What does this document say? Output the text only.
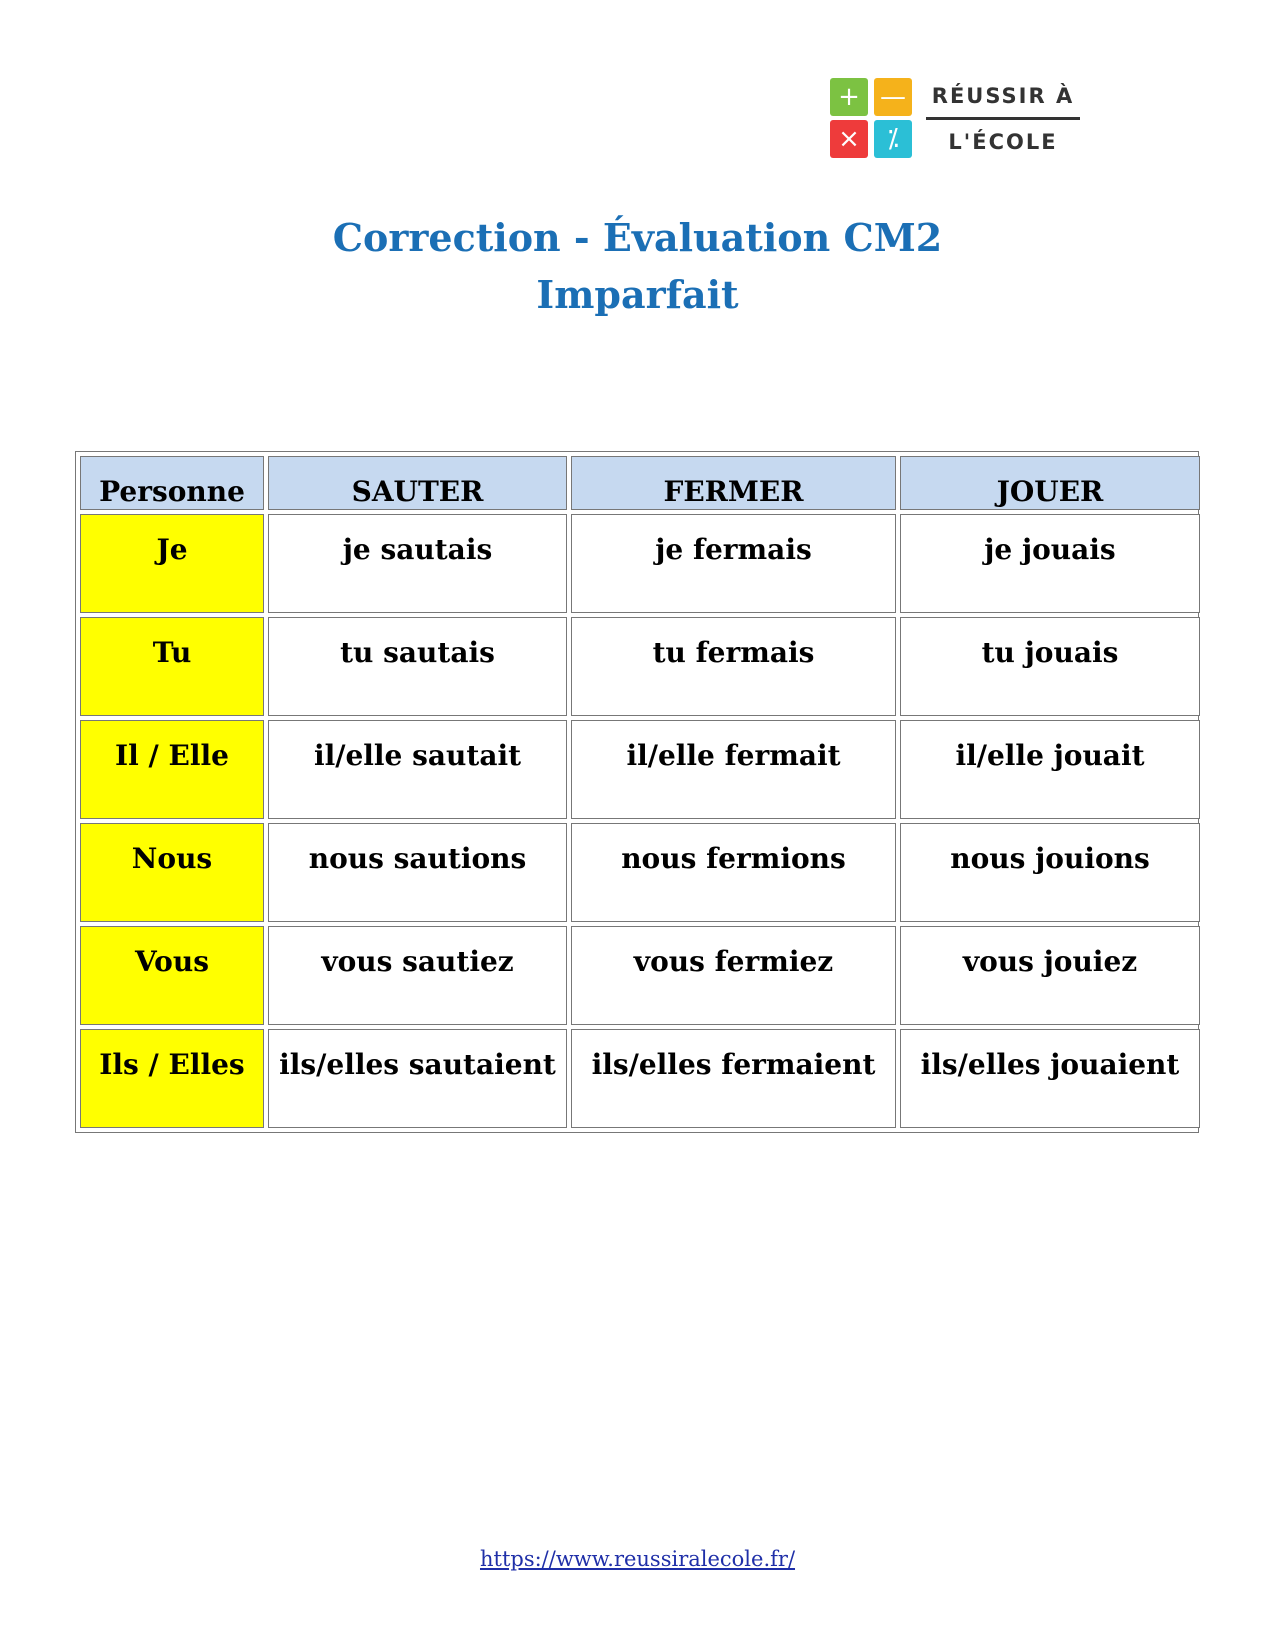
+ —
×	⁒
RÉUSSIR À
L'ÉCOLE
Correction - Évaluation CM2
Imparfait
Personne	SAUTER	FERMER	JOUER
Je	je sautais	je fermais	je jouais
Tu	tu sautais	tu fermais	tu jouais
Il / Elle	il/elle sautait	il/elle fermait	il/elle jouait
Nous	nous sautions	nous fermions	nous jouions
Vous	vous sautiez	vous fermiez	vous jouiez
Ils / Elles	ils/elles sautaient	ils/elles fermaient	ils/elles jouaient
https://www.reussiralecole.fr/
